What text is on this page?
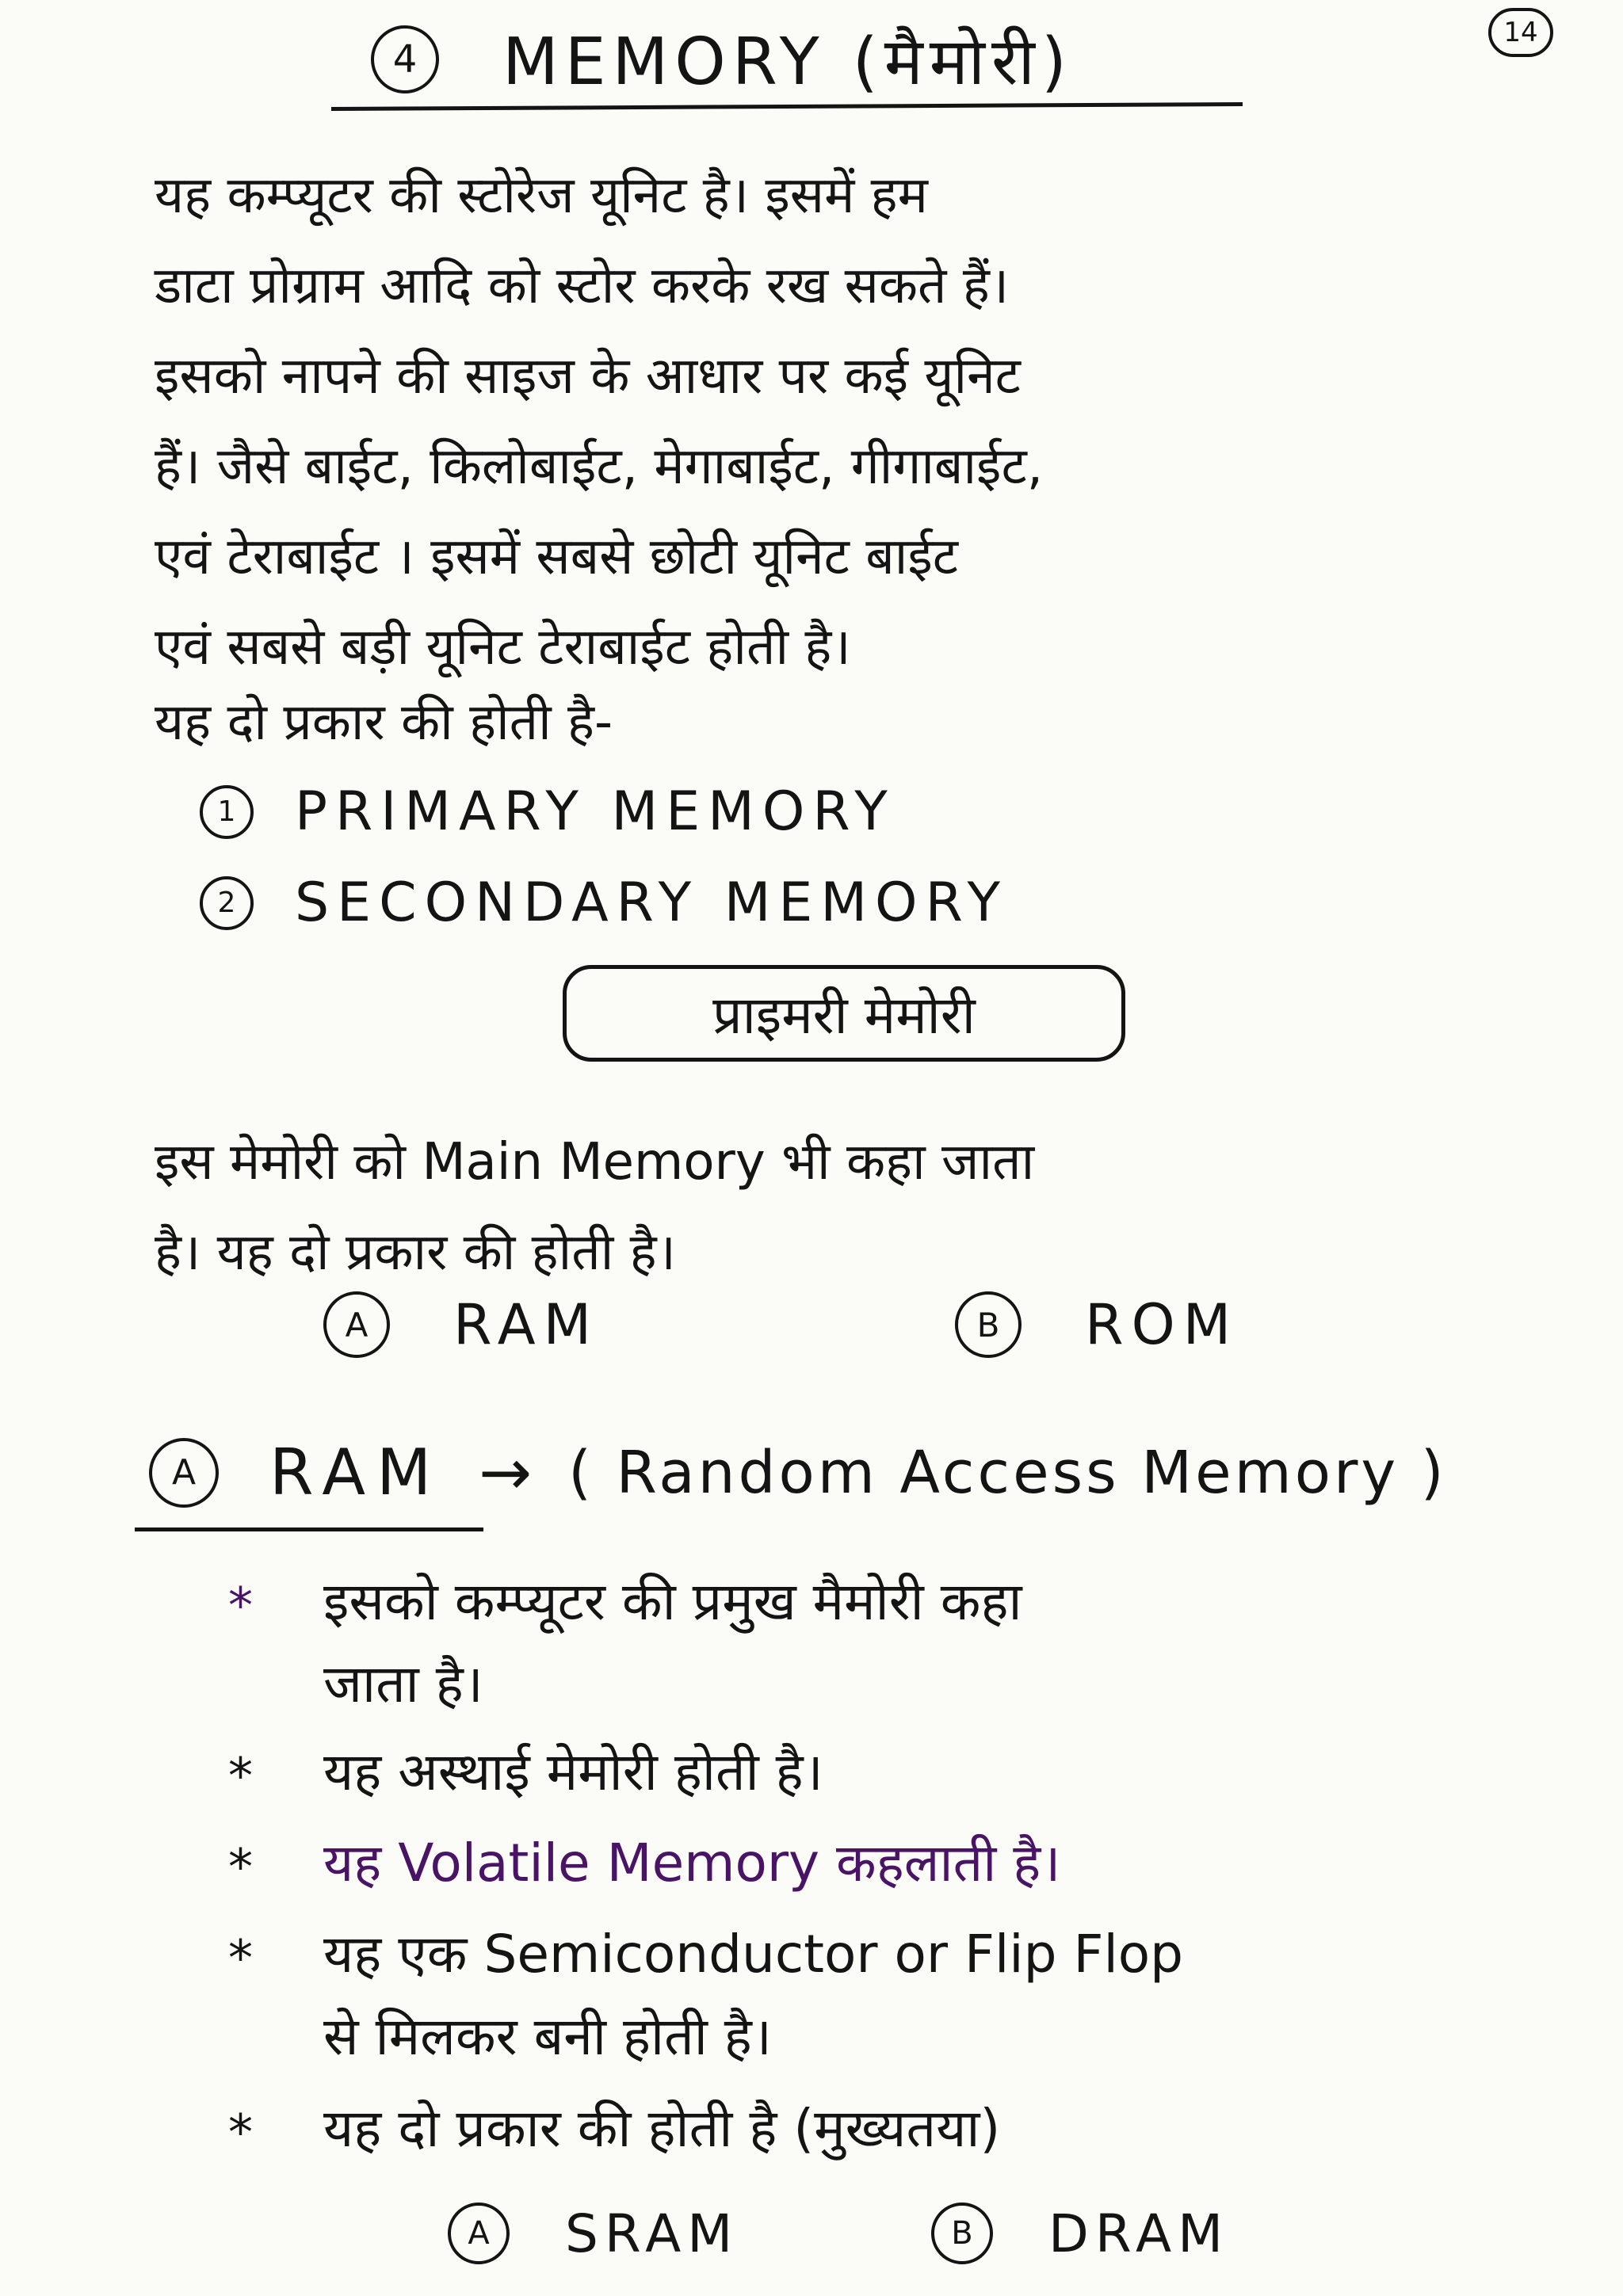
14
4	MEMORY (मैमोरी)
यह कम्प्यूटर की स्टोरेज यूनिट है। इसमें हम
डाटा प्रोग्राम आदि को स्टोर करके रख सकते हैं।
इसको नापने की साइज के आधार पर कई यूनिट
हैं। जैसे बाईट, किलोबाईट, मेगाबाईट, गीगाबाईट,
एवं टेराबाईट । इसमें सबसे छोटी यूनिट बाईट
एवं सबसे बड़ी यूनिट टेराबाईट होती है।
यह दो प्रकार की होती है-
1	PRIMARY MEMORY
2	SECONDARY MEMORY
प्राइमरी मेमोरी
इस मेमोरी को Main Memory भी कहा जाता
है। यह दो प्रकार की होती है।
A	RAM	B	ROM
A	RAM → ( Random Access Memory )
*	इसको कम्प्यूटर की प्रमुख मैमोरी कहा
जाता है।
*	यह अस्थाई मेमोरी होती है।
*	यह Volatile Memory कहलाती है।
*	यह एक Semiconductor or Flip Flop
से मिलकर बनी होती है।
*	यह दो प्रकार की होती है (मुख्यतया)
A	SRAM	B	DRAM
